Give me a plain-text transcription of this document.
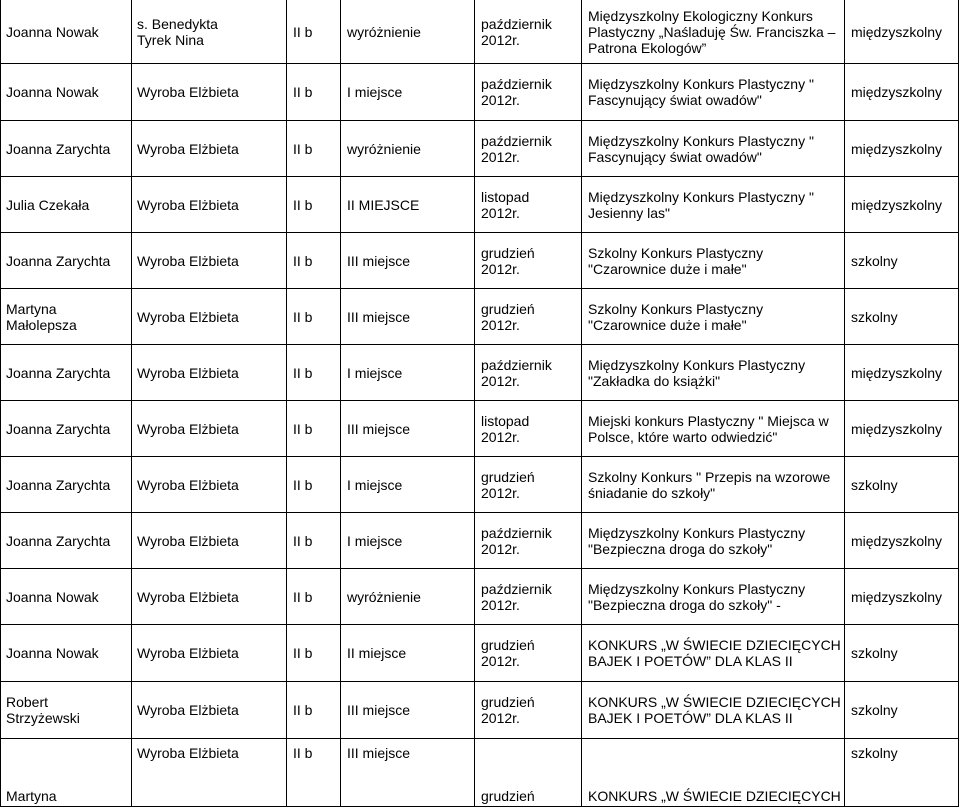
Joanna Nowak	s. Benedykta
Tyrek Nina	II b	wyróżnienie	październik
2012r.	Międzyszkolny Ekologiczny Konkurs
Plastyczny „Naśladuję Św. Franciszka –
Patrona Ekologów”	międzyszkolny

Joanna Nowak	Wyroba Elżbieta	II b	I miejsce	październik
2012r.	Międzyszkolny Konkurs Plastyczny "
Fascynujący świat owadów"	międzyszkolny

Joanna Zarychta	Wyroba Elżbieta	II b	wyróżnienie	październik
2012r.	Międzyszkolny Konkurs Plastyczny "
Fascynujący świat owadów"	międzyszkolny

Julia Czekała	Wyroba Elżbieta	II b	II MIEJSCE	listopad
2012r.	Międzyszkolny Konkurs Plastyczny "
Jesienny las"	międzyszkolny

Joanna Zarychta	Wyroba Elżbieta	II b	III miejsce	grudzień
2012r.	Szkolny Konkurs Plastyczny
"Czarownice duże i małe"	szkolny

Martyna
Małolepsza	Wyroba Elżbieta	II b	III miejsce	grudzień
2012r.	Szkolny Konkurs Plastyczny
"Czarownice duże i małe"	szkolny

Joanna Zarychta	Wyroba Elżbieta	II b	I miejsce	październik
2012r.	Międzyszkolny Konkurs Plastyczny
"Zakładka do książki"	międzyszkolny

Joanna Zarychta	Wyroba Elżbieta	II b	III miejsce	listopad
2012r.	Miejski konkurs Plastyczny " Miejsca w
Polsce, które warto odwiedzić"	międzyszkolny

Joanna Zarychta	Wyroba Elżbieta	II b	I miejsce	grudzień
2012r.	Szkolny Konkurs " Przepis na wzorowe
śniadanie do szkoły"	szkolny

Joanna Zarychta	Wyroba Elżbieta	II b	I miejsce	październik
2012r.	Międzyszkolny Konkurs Plastyczny
"Bezpieczna droga do szkoły"	międzyszkolny

Joanna Nowak	Wyroba Elżbieta	II b	wyróżnienie	październik
2012r.	Międzyszkolny Konkurs Plastyczny
"Bezpieczna droga do szkoły" -	międzyszkolny

Joanna Nowak	Wyroba Elżbieta	II b	II miejsce	grudzień
2012r.	KONKURS „W ŚWIECIE DZIECIĘCYCH
BAJEK I POETÓW” DLA KLAS II	szkolny

Robert
Strzyżewski	Wyroba Elżbieta	II b	III miejsce	grudzień
2012r.	KONKURS „W ŚWIECIE DZIECIĘCYCH
BAJEK I POETÓW” DLA KLAS II	szkolny

Martyna	Wyroba Elżbieta	II b	III miejsce	grudzień	KONKURS „W ŚWIECIE DZIECIĘCYCH	szkolny
